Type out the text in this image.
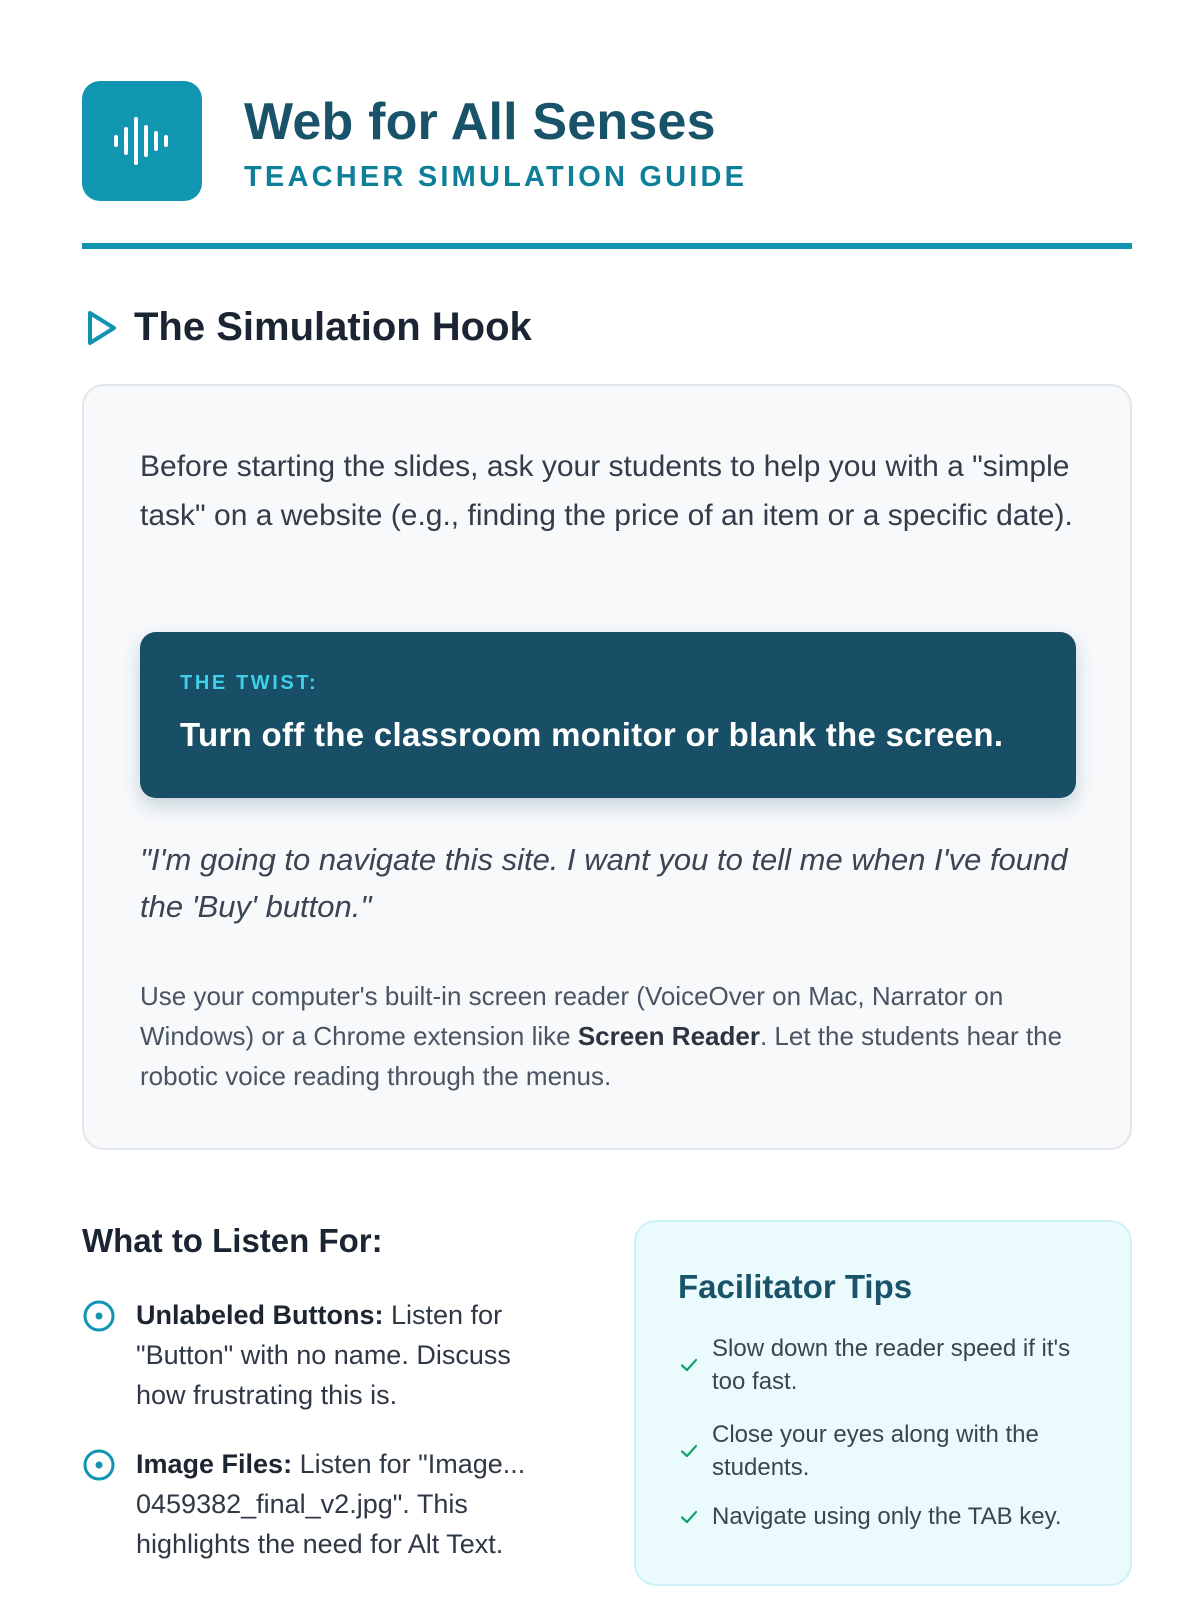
Web for All Senses
TEACHER SIMULATION GUIDE
The Simulation Hook
Before starting the slides, ask your students to help you with a "simple task" on a website (e.g., finding the price of an item or a specific date).
THE TWIST:
Turn off the classroom monitor or blank the screen.
"I'm going to navigate this site. I want you to tell me when I've found the 'Buy' button."
Use your computer's built-in screen reader (VoiceOver on Mac, Narrator on Windows) or a Chrome extension like Screen Reader. Let the students hear the robotic voice reading through the menus.
What to Listen For:
Unlabeled Buttons: Listen for "Button" with no name. Discuss how frustrating this is.
Image Files: Listen for "Image... 0459382_final_v2.jpg". This highlights the need for Alt Text.
Facilitator Tips
Slow down the reader speed if it's too fast.
Close your eyes along with the students.
Navigate using only the TAB key.
